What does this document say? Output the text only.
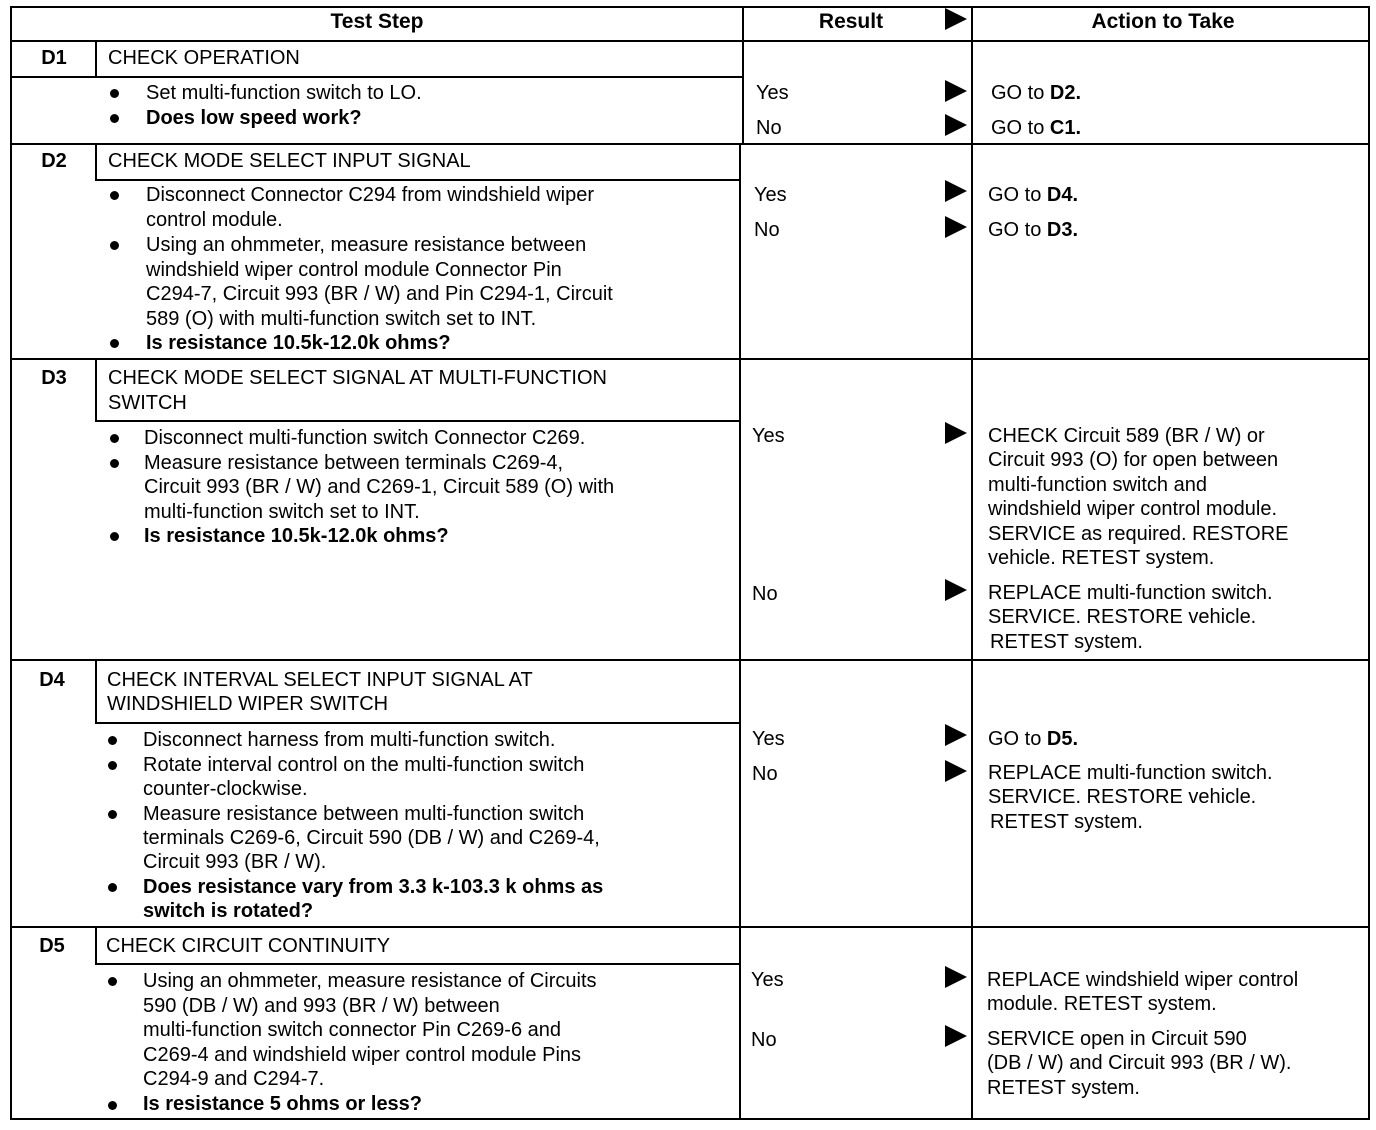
Test Step	Result	Action to Take
D1	CHECK OPERATION
Set multi-function switch to LO.
Does low speed work?
Yes	GO to D2.
No	GO to C1.
D2	CHECK MODE SELECT INPUT SIGNAL
Disconnect Connector C294 from windshield wiper
control module.
Using an ohmmeter, measure resistance between
windshield wiper control module Connector Pin
C294-7, Circuit 993 (BR / W) and Pin C294-1, Circuit
589 (O) with multi-function switch set to INT.
Is resistance 10.5k-12.0k ohms?
Yes	GO to D4.
No	GO to D3.
D3	CHECK MODE SELECT SIGNAL AT MULTI-FUNCTION
SWITCH
Disconnect multi-function switch Connector C269.
Measure resistance between terminals C269-4,
Circuit 993 (BR / W) and C269-1, Circuit 589 (O) with
multi-function switch set to INT.
Is resistance 10.5k-12.0k ohms?
Yes	CHECK Circuit 589 (BR / W) or
Circuit 993 (O) for open between
multi-function switch and
windshield wiper control module.
SERVICE as required. RESTORE
vehicle. RETEST system.
No	REPLACE multi-function switch.
SERVICE. RESTORE vehicle.
RETEST system.
D4	CHECK INTERVAL SELECT INPUT SIGNAL AT
WINDSHIELD WIPER SWITCH
Disconnect harness from multi-function switch.
Rotate interval control on the multi-function switch
counter-clockwise.
Measure resistance between multi-function switch
terminals C269-6, Circuit 590 (DB / W) and C269-4,
Circuit 993 (BR / W).
Does resistance vary from 3.3 k-103.3 k ohms as
switch is rotated?
Yes	GO to D5.
No	REPLACE multi-function switch.
SERVICE. RESTORE vehicle.
RETEST system.
D5	CHECK CIRCUIT CONTINUITY
Using an ohmmeter, measure resistance of Circuits
590 (DB / W) and 993 (BR / W) between
multi-function switch connector Pin C269-6 and
C269-4 and windshield wiper control module Pins
C294-9 and C294-7.
Is resistance 5 ohms or less?
Yes	REPLACE windshield wiper control
module. RETEST system.
No	SERVICE open in Circuit 590
(DB / W) and Circuit 993 (BR / W).
RETEST system.
